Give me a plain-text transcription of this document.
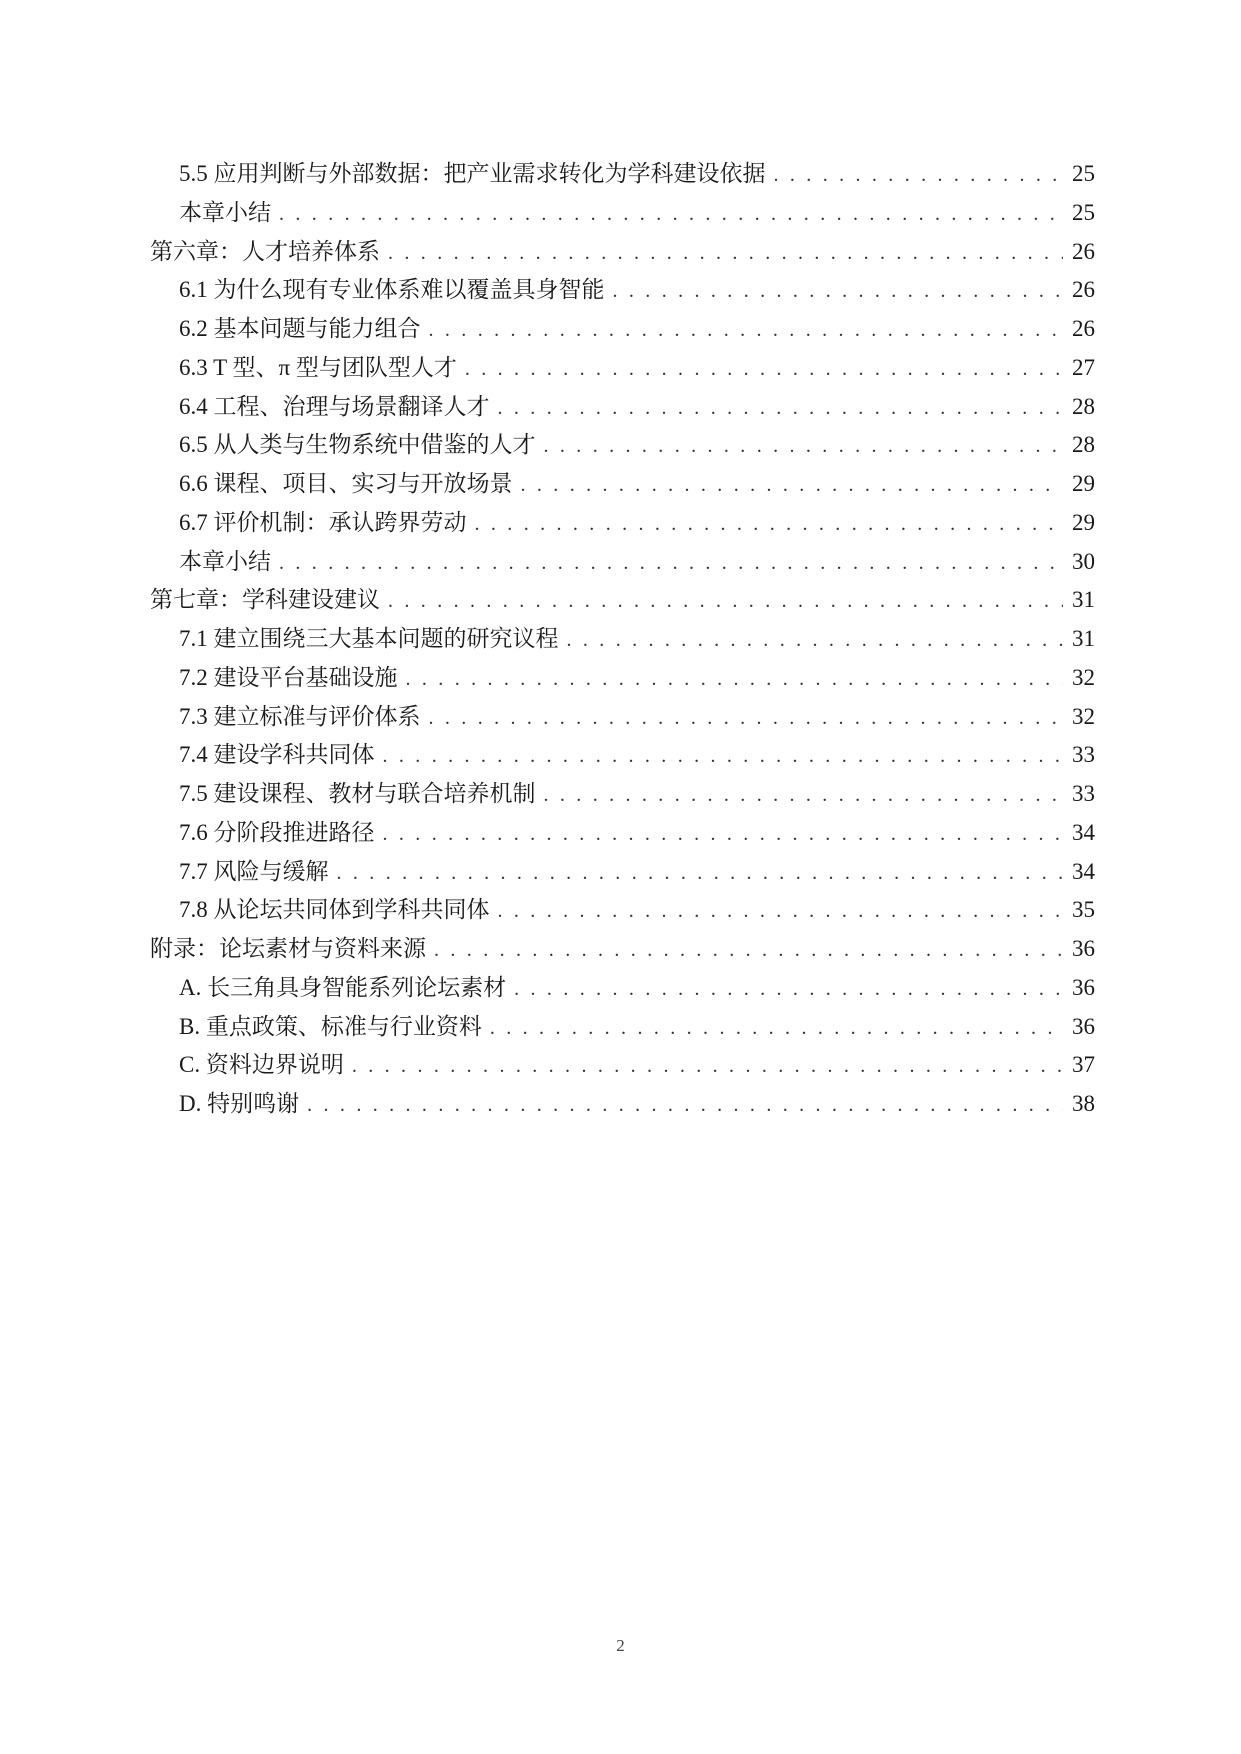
5.5 应用判断与外部数据：把产业需求转化为学科建设依据 . . .	25
本章小结 . . .	25
第六章：人才培养体系 . . .	26
6.1 为什么现有专业体系难以覆盖具身智能 . . .	26
6.2 基本问题与能力组合 . . .	26
6.3 T 型、π 型与团队型人才 . . .	27
6.4 工程、治理与场景翻译人才 . . .	28
6.5 从人类与生物系统中借鉴的人才 . . .	28
6.6 课程、项目、实习与开放场景 . . .	29
6.7 评价机制：承认跨界劳动 . . .	29
本章小结 . . .	30
第七章：学科建设建议 . . .	31
7.1 建立围绕三大基本问题的研究议程 . . .	31
7.2 建设平台基础设施 . . .	32
7.3 建立标准与评价体系 . . .	32
7.4 建设学科共同体 . . .	33
7.5 建设课程、教材与联合培养机制 . . .	33
7.6 分阶段推进路径 . . .	34
7.7 风险与缓解 . . .	34
7.8 从论坛共同体到学科共同体 . . .	35
附录：论坛素材与资料来源 . . .	36
A. 长三角具身智能系列论坛素材 . . .	36
B. 重点政策、标准与行业资料 . . .	36
C. 资料边界说明 . . .	37
D. 特别鸣谢 . . .	38
2
